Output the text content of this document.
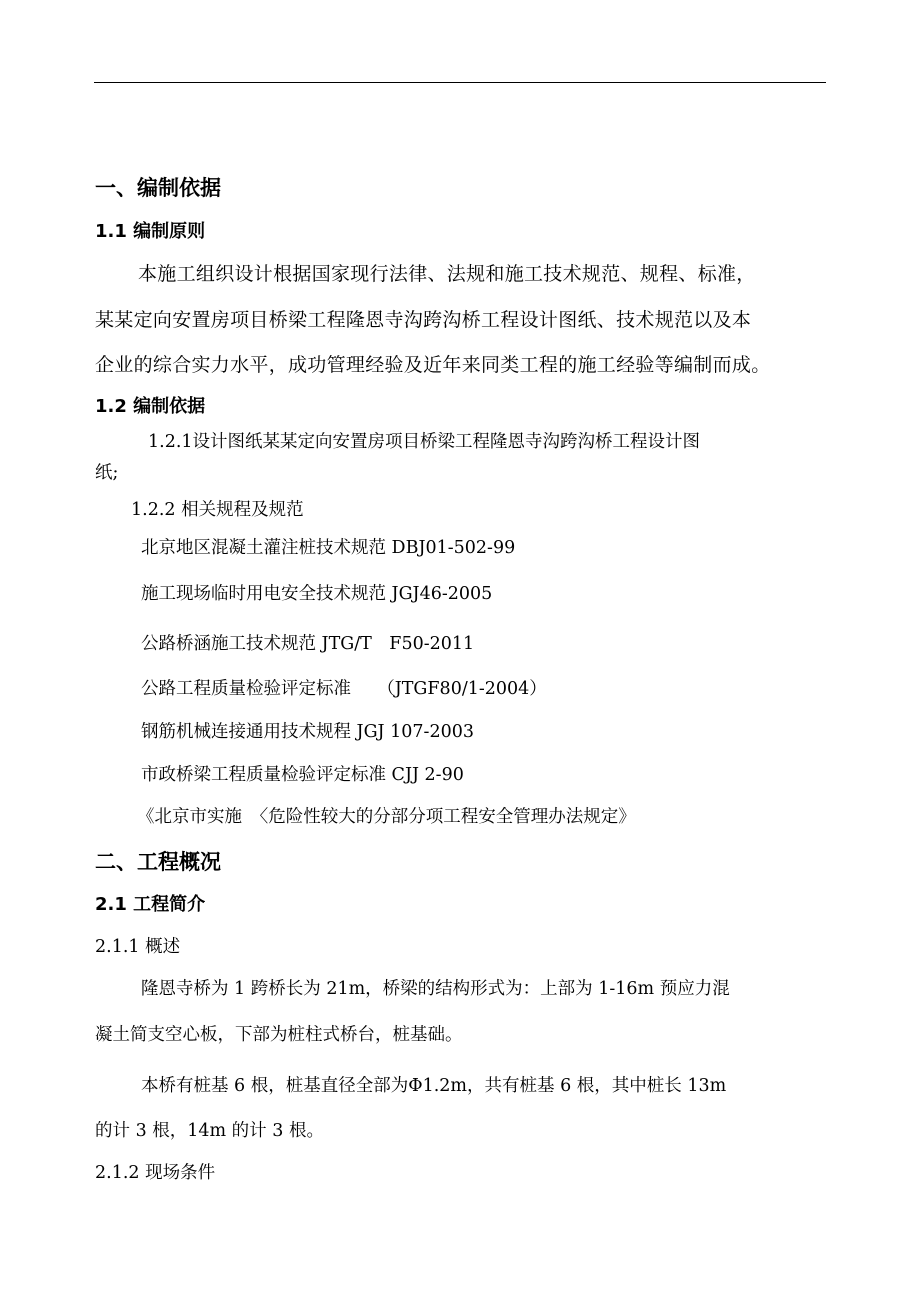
一、编制依据
1.1 编制原则
本施工组织设计根据国家现行法律、法规和施工技术规范、规程、标准，
某某定向安置房项目桥梁工程隆恩寺沟跨沟桥工程设计图纸、技术规范以及本
企业的综合实力水平，成功管理经验及近年来同类工程的施工经验等编制而成。
1.2 编制依据
1.2.1设计图纸某某定向安置房项目桥梁工程隆恩寺沟跨沟桥工程设计图
纸;
1.2.2 相关规程及规范
北京地区混凝土灌注桩技术规范 DBJ01-502-99
施工现场临时用电安全技术规范 JGJ46-2005
公路桥涵施工技术规范 JTG/T　F50-2011
公路工程质量检验评定标准　　（JTGF80/1-2004）
钢筋机械连接通用技术规程 JGJ 107-2003
市政桥梁工程质量检验评定标准 CJJ 2-90
《北京市实施　〈危险性较大的分部分项工程安全管理办法规定》
二、工程概况
2.1 工程简介
2.1.1 概述
隆恩寺桥为 1 跨桥长为 21m，桥梁的结构形式为：上部为 1-16m 预应力混
凝土简支空心板，下部为桩柱式桥台，桩基础。
本桥有桩基 6 根，桩基直径全部为Φ1.2m，共有桩基 6 根，其中桩长 13m
的计 3 根，14m 的计 3 根。
2.1.2 现场条件
